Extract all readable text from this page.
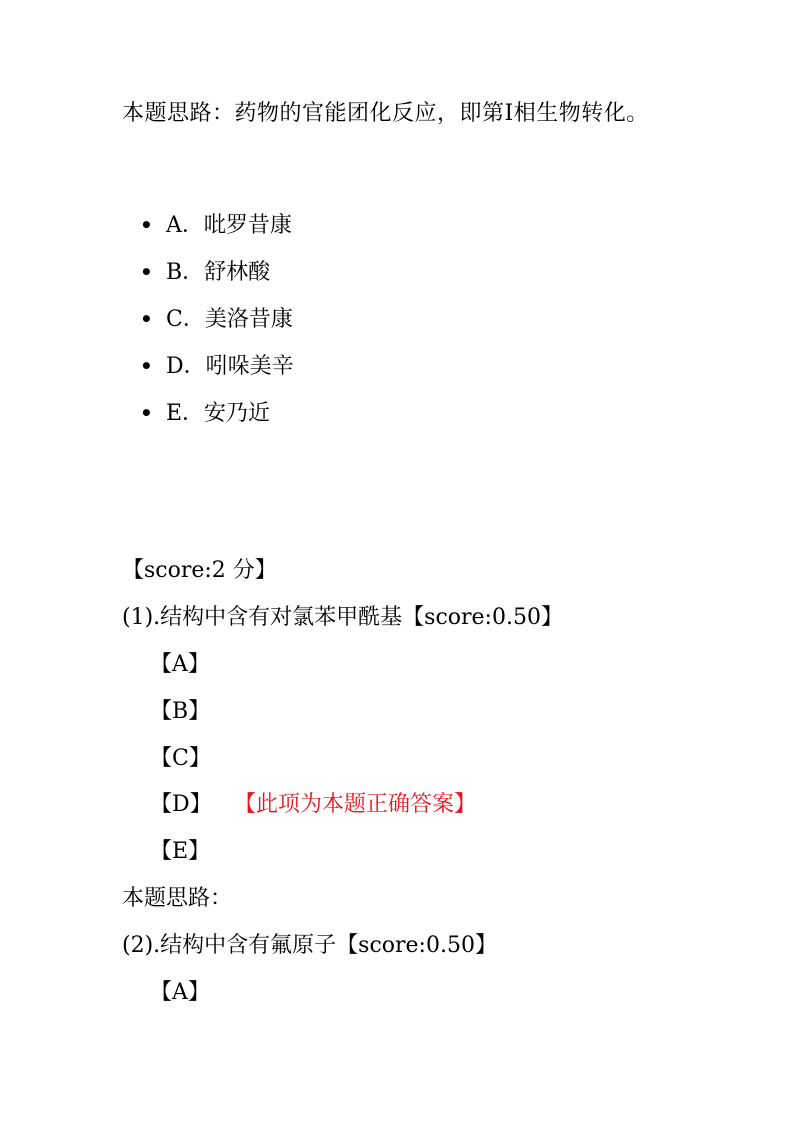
本题思路：药物的官能团化反应，即第Ⅰ相生物转化。
• A．吡罗昔康
• B．舒林酸
• C．美洛昔康
• D．吲哚美辛
• E．安乃近
【score:2 分】
(1).结构中含有对氯苯甲酰基【score:0.50】
【A】
【B】
【C】
【D】 【此项为本题正确答案】
【E】
本题思路：
(2).结构中含有氟原子【score:0.50】
【A】
